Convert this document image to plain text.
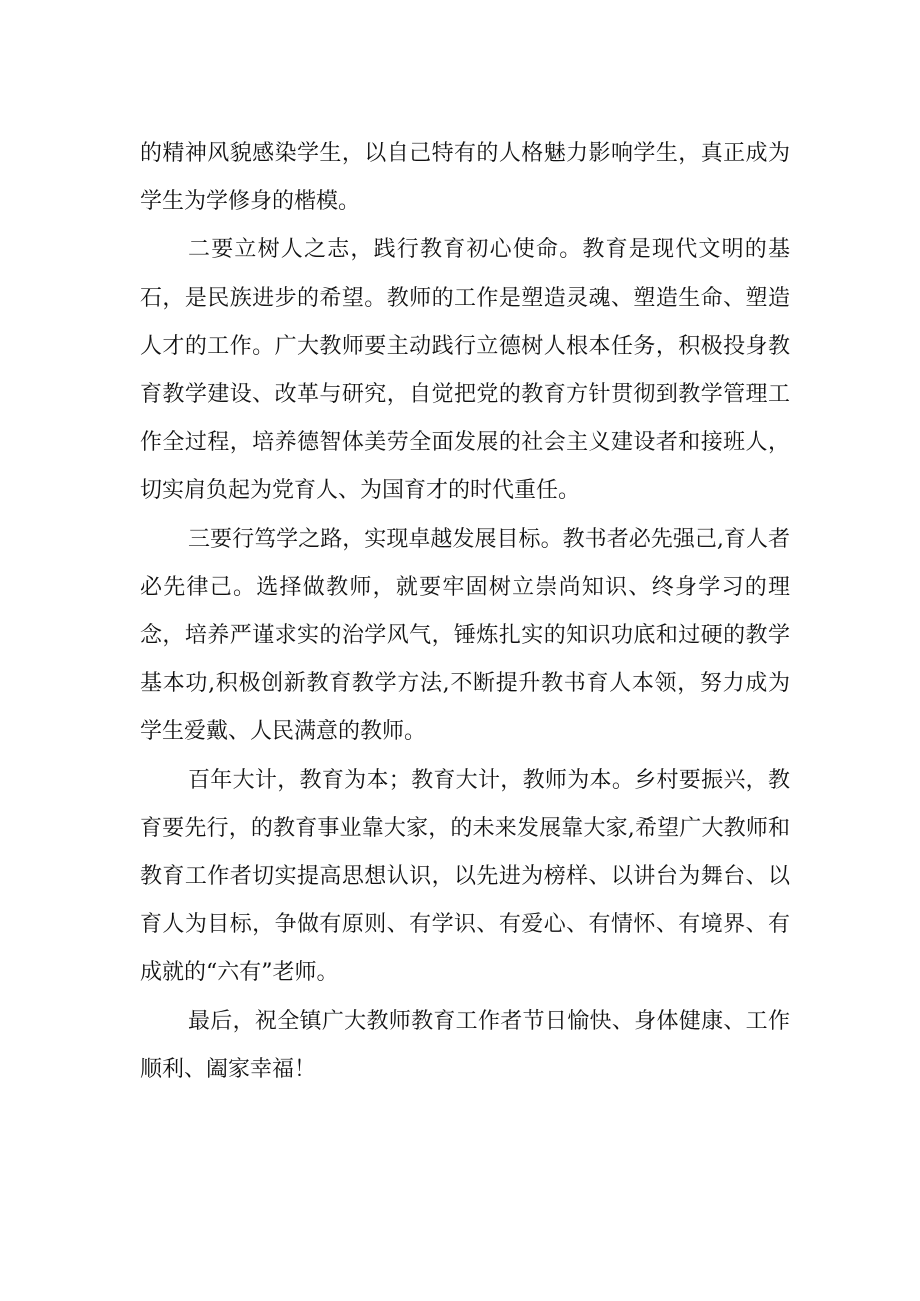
的精神风貌感染学生，以自己特有的人格魅力影响学生，真正成为学生为学修身的楷模。

二要立树人之志，践行教育初心使命。教育是现代文明的基石，是民族进步的希望。教师的工作是塑造灵魂、塑造生命、塑造人才的工作。广大教师要主动践行立德树人根本任务，积极投身教育教学建设、改革与研究，自觉把党的教育方针贯彻到教学管理工作全过程，培养德智体美劳全面发展的社会主义建设者和接班人，切实肩负起为党育人、为国育才的时代重任。

三要行笃学之路，实现卓越发展目标。教书者必先强己,育人者必先律己。选择做教师，就要牢固树立崇尚知识、终身学习的理念，培养严谨求实的治学风气，锤炼扎实的知识功底和过硬的教学基本功,积极创新教育教学方法,不断提升教书育人本领，努力成为学生爱戴、人民满意的教师。

百年大计，教育为本；教育大计，教师为本。乡村要振兴，教育要先行，的教育事业靠大家，的未来发展靠大家,希望广大教师和教育工作者切实提高思想认识，以先进为榜样、以讲台为舞台、以育人为目标，争做有原则、有学识、有爱心、有情怀、有境界、有成就的“六有”老师。

最后，祝全镇广大教师教育工作者节日愉快、身体健康、工作顺利、阖家幸福！
